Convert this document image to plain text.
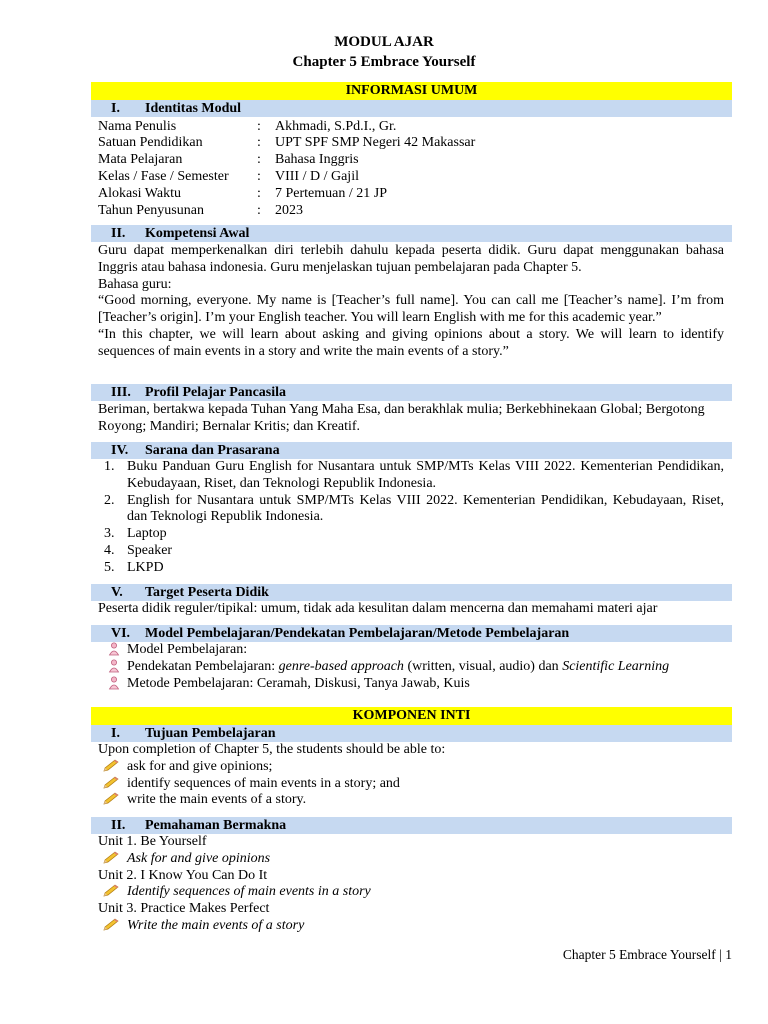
MODUL AJAR
Chapter 5 Embrace Yourself
INFORMASI UMUM
I. Identitas Modul
Nama Penulis	: Akhmadi, S.Pd.I., Gr.
Satuan Pendidikan	: UPT SPF SMP Negeri 42 Makassar
Mata Pelajaran	: Bahasa Inggris
Kelas / Fase / Semester	: VIII / D / Gajil
Alokasi Waktu	: 7 Pertemuan / 21 JP
Tahun Penyusunan	: 2023
II. Kompetensi Awal
Guru dapat memperkenalkan diri terlebih dahulu kepada peserta didik. Guru dapat menggunakan bahasa Inggris atau bahasa indonesia. Guru menjelaskan tujuan pembelajaran pada Chapter 5.
Bahasa guru:
“Good morning, everyone. My name is [Teacher’s full name]. You can call me [Teacher’s name]. I’m from [Teacher’s origin]. I’m your English teacher. You will learn English with me for this academic year.”
“In this chapter, we will learn about asking and giving opinions about a story. We will learn to identify sequences of main events in a story and write the main events of a story.”
III. Profil Pelajar Pancasila
Beriman, bertakwa kepada Tuhan Yang Maha Esa, dan berakhlak mulia; Berkebhinekaan Global; Bergotong Royong; Mandiri; Bernalar Kritis; dan Kreatif.
IV. Sarana dan Prasarana
1. Buku Panduan Guru English for Nusantara untuk SMP/MTs Kelas VIII 2022. Kementerian Pendidikan, Kebudayaan, Riset, dan Teknologi Republik Indonesia.
2. English for Nusantara untuk SMP/MTs Kelas VIII 2022. Kementerian Pendidikan, Kebudayaan, Riset, dan Teknologi Republik Indonesia.
3. Laptop
4. Speaker
5. LKPD
V. Target Peserta Didik
Peserta didik reguler/tipikal: umum, tidak ada kesulitan dalam mencerna dan memahami materi ajar
VI. Model Pembelajaran/Pendekatan Pembelajaran/Metode Pembelajaran
Model Pembelajaran:
Pendekatan Pembelajaran: genre-based approach (written, visual, audio) dan Scientific Learning
Metode Pembelajaran: Ceramah, Diskusi, Tanya Jawab, Kuis
KOMPONEN INTI
I. Tujuan Pembelajaran
Upon completion of Chapter 5, the students should be able to:
ask for and give opinions;
identify sequences of main events in a story; and
write the main events of a story.
II. Pemahaman Bermakna
Unit 1. Be Yourself
Ask for and give opinions
Unit 2. I Know You Can Do It
Identify sequences of main events in a story
Unit 3. Practice Makes Perfect
Write the main events of a story
Chapter 5 Embrace Yourself | 1
